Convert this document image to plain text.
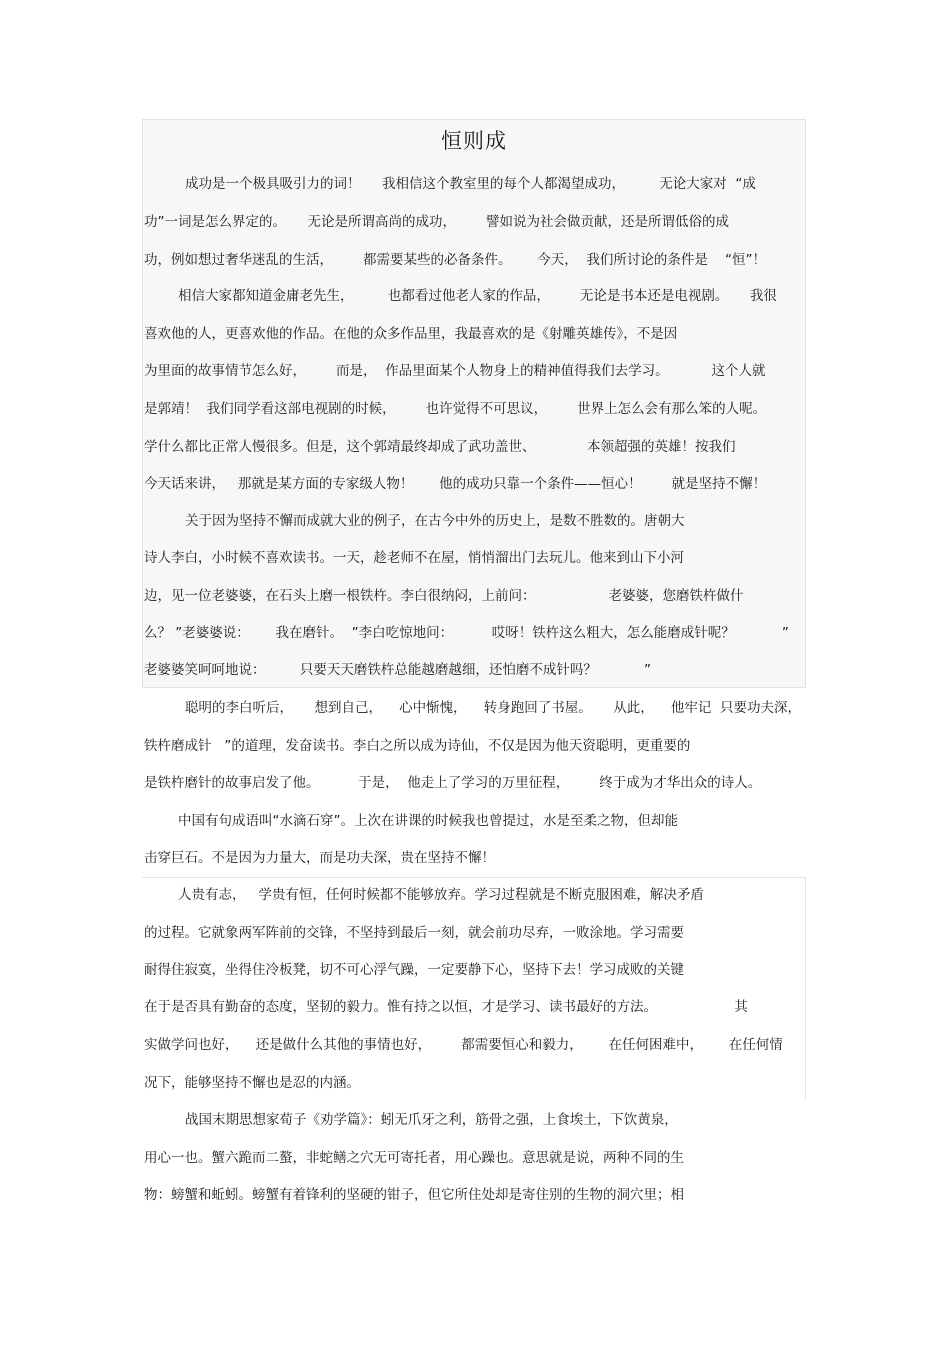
恒则成

成功是一个极具吸引力的词！     我相信这个教室里的每个人都渴望成功，        无论大家对  “成

功”一词是怎么界定的。     无论是所谓高尚的成功，       譬如说为社会做贡献，还是所谓低俗的成

功，例如想过奢华迷乱的生活，       都需要某些的必备条件。      今天，  我们所讨论的条件是    “恒”！

相信大家都知道金庸老先生，        也都看过他老人家的作品，       无论是书本还是电视剧。     我很

喜欢他的人，更喜欢他的作品。在他的众多作品里，我最喜欢的是《射雕英雄传》，不是因

为里面的故事情节怎么好，       而是，  作品里面某个人物身上的精神值得我们去学习。          这个人就

是郭靖！  我们同学看这部电视剧的时候，       也许觉得不可思议，       世界上怎么会有那么笨的人呢。

学什么都比正常人慢很多。但是，这个郭靖最终却成了武功盖世、            本领超强的英雄！按我们

今天话来讲，   那就是某方面的专家级人物！      他的成功只靠一个条件——恒心！       就是坚持不懈！

关于因为坚持不懈而成就大业的例子，在古今中外的历史上，是数不胜数的。唐朝大

诗人李白，小时候不喜欢读书。一天，趁老师不在屋，悄悄溜出门去玩儿。他来到山下小河

边，见一位老婆婆，在石头上磨一根铁杵。李白很纳闷，上前问：                 老婆婆，您磨铁杵做什

么？ ”老婆婆说：      我在磨针。  ”李白吃惊地问：         哎呀！铁杵这么粗大，怎么能磨成针呢？           ”

老婆婆笑呵呵地说：        只要天天磨铁杵总能越磨越细，还怕磨不成针吗？           ”

聪明的李白听后，     想到自己，    心中惭愧，    转身跑回了书屋。     从此，    他牢记  只要功夫深，

铁杵磨成针   ”的道理，发奋读书。李白之所以成为诗仙，不仅是因为他天资聪明，更重要的

是铁杵磨针的故事启发了他。         于是，  他走上了学习的万里征程，       终于成为才华出众的诗人。

中国有句成语叫“水滴石穿”。上次在讲课的时候我也曾提过，水是至柔之物，但却能

击穿巨石。不是因为力量大，而是功夫深，贵在坚持不懈！

人贵有志，   学贵有恒，任何时候都不能够放弃。学习过程就是不断克服困难，解决矛盾

的过程。它就象两军阵前的交锋，不坚持到最后一刻，就会前功尽弃，一败涂地。学习需要

耐得住寂寞，坐得住冷板凳，切不可心浮气躁，一定要静下心，坚持下去！学习成败的关键

在于是否具有勤奋的态度，坚韧的毅力。惟有持之以恒，才是学习、读书最好的方法。                  其

实做学问也好，    还是做什么其他的事情也好，       都需要恒心和毅力，      在任何困难中，      在任何情

况下，能够坚持不懈也是忍的内涵。

战国末期思想家荀子《劝学篇》：蚓无爪牙之利，筋骨之强，上食埃土，下饮黄泉，

用心一也。蟹六跪而二螯，非蛇鳝之穴无可寄托者，用心躁也。意思就是说，两种不同的生

物：螃蟹和蚯蚓。螃蟹有着锋利的坚硬的钳子，但它所住处却是寄住别的生物的洞穴里；相
